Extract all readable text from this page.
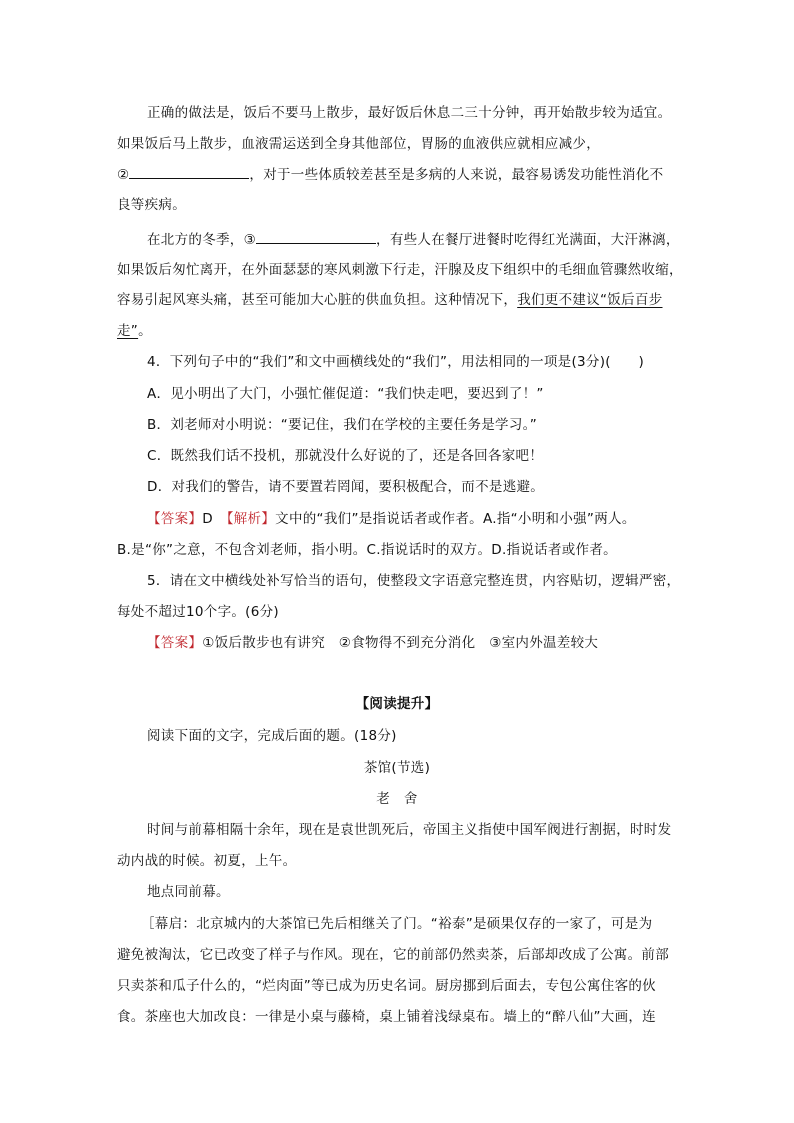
正确的做法是，饭后不要马上散步，最好饭后休息二三十分钟，再开始散步较为适宜。
如果饭后马上散步，血液需运送到全身其他部位，胃肠的血液供应就相应减少，
②	，对于一些体质较差甚至是多病的人来说，最容易诱发功能性消化不
良等疾病。
在北方的冬季，③	，有些人在餐厅进餐时吃得红光满面，大汗淋漓，
如果饭后匆忙离开，在外面瑟瑟的寒风刺激下行走，汗腺及皮下组织中的毛细血管骤然收缩，
容易引起风寒头痛，甚至可能加大心脏的供血负担。这种情况下，我们更不建议“饭后百步
走”。
4．下列句子中的“我们”和文中画横线处的“我们”，用法相同的一项是(3分)(　　)
A．见小明出了大门，小强忙催促道：“我们快走吧，要迟到了！”
B．刘老师对小明说：“要记住，我们在学校的主要任务是学习。”
C．既然我们话不投机，那就没什么好说的了，还是各回各家吧！
D．对我们的警告，请不要置若罔闻，要积极配合，而不是逃避。
【答案】D　【解析】文中的“我们”是指说话者或作者。A.指“小明和小强”两人。
B.是“你”之意，不包含刘老师，指小明。C.指说话时的双方。D.指说话者或作者。
5．请在文中横线处补写恰当的语句，使整段文字语意完整连贯，内容贴切，逻辑严密，
每处不超过10个字。(6分)
【答案】①饭后散步也有讲究　②食物得不到充分消化　③室内外温差较大
【阅读提升】
阅读下面的文字，完成后面的题。(18分)
茶馆(节选)
老　舍
时间与前幕相隔十余年，现在是袁世凯死后，帝国主义指使中国军阀进行割据，时时发
动内战的时候。初夏，上午。
地点同前幕。
［幕启：北京城内的大茶馆已先后相继关了门。“裕泰”是硕果仅存的一家了，可是为
避免被淘汰，它已改变了样子与作风。现在，它的前部仍然卖茶，后部却改成了公寓。前部
只卖茶和瓜子什么的，“烂肉面”等已成为历史名词。厨房挪到后面去，专包公寓住客的伙
食。茶座也大加改良：一律是小桌与藤椅，桌上铺着浅绿桌布。墙上的“醉八仙”大画，连
